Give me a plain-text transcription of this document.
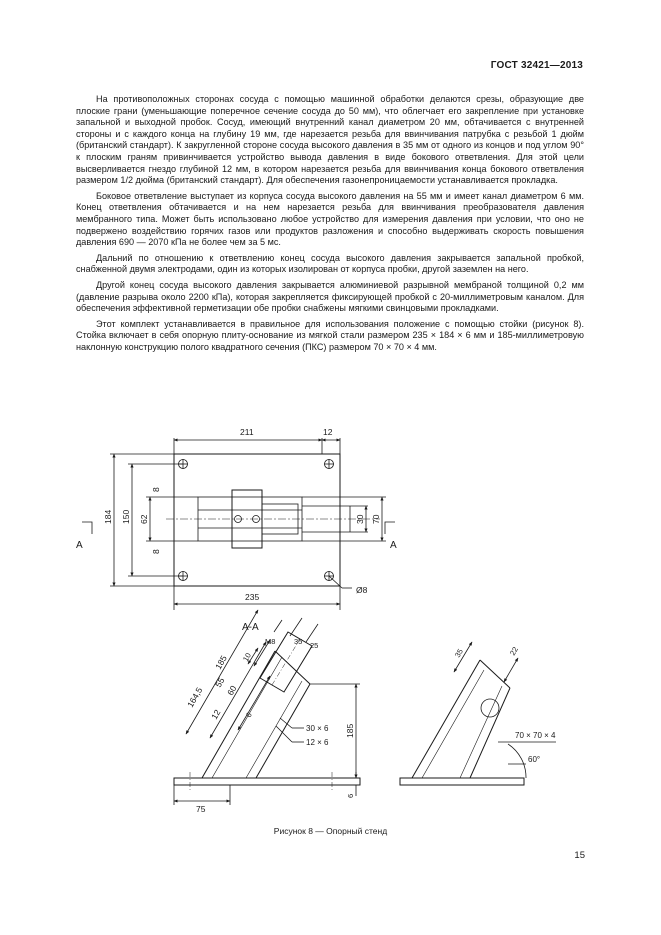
ГОСТ 32421—2013

На противоположных сторонах сосуда с помощью машинной обработки делаются срезы, образующие две плоские грани (уменьшающие поперечное сечение сосуда до 50 мм), что облегчает его закрепление при установке запальной и выходной пробок. Сосуд, имеющий внутренний канал диаметром 20 мм, обтачивается с внутренней стороны и с каждого конца на глубину 19 мм, где нарезается резьба для ввинчивания патрубка с резьбой 1 дюйм (британский стандарт). К закругленной стороне сосуда высокого давления в 35 мм от одного из концов и под углом 90° к плоским граням привинчивается устройство вывода давления в виде бокового ответвления. Для этой цели высверливается гнездо глубиной 12 мм, в котором нарезается резьба для ввинчивания конца бокового ответвления размером 1/2 дюйма (британский стандарт). Для обеспечения газонепроницаемости устанавливается прокладка.

Боковое ответвление выступает из корпуса сосуда высокого давления на 55 мм и имеет канал диаметром 6 мм. Конец ответвления обтачивается и на нем нарезается резьба для ввинчивания преобразователя давления мембранного типа. Может быть использовано любое устройство для измерения давления при условии, что оно не подвержено воздействию горячих газов или продуктов разложения и способно выдерживать скорость повышения давления 690 — 2070 кПа не более чем за 5 мс.

Дальний по отношению к ответвлению конец сосуда высокого давления закрывается запальной пробкой, снабженной двумя электродами, один из которых изолирован от корпуса пробки, другой заземлен на него.

Другой конец сосуда высокого давления закрывается алюминиевой разрывной мембраной толщиной 0,2 мм (давление разрыва около 2200 кПа), которая закрепляется фиксирующей пробкой с 20-миллиметровым каналом. Для обеспечения эффективной герметизации обе пробки снабжены мягкими свинцовыми прокладками.

Этот комплект устанавливается в правильное для использования положение с помощью стойки (рисунок 8). Стойка включает в себя опорную плиту-основание из мягкой стали размером 235 × 184 × 6 мм и 185-миллиметровую наклонную конструкцию полого квадратного сечения (ПКС) размером 70 × 70 × 4 мм.

211	12
235
Ø8
184 150 62
8
8
30 70
A	A
A-A
M8 35 25
10
185
164,5
55
60
12	6
30 × 6
12 × 6
185
75
6
35	22
70 × 70 × 4
60°
Рисунок 8 — Опорный стенд
15
